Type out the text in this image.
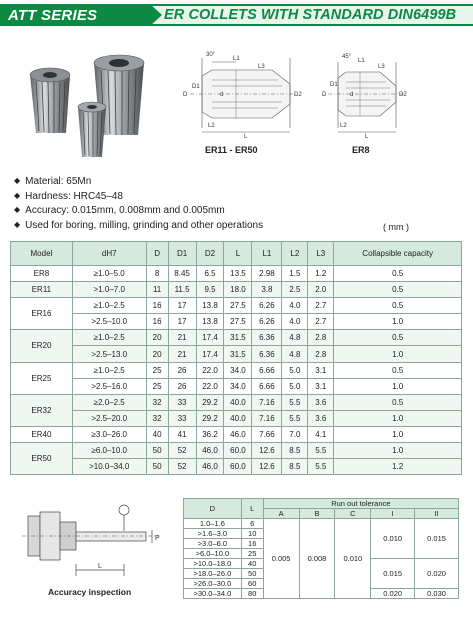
ATT SERIES	ER COLLETS WITH STANDARD DIN6499B
30°
L1
L3
D
D1
d	D2
L2
L
ER11 - ER50
45°
L1
L3
D
D1
d	D2
L2
L
ER8
◆ Material: 65Mn
◆ Hardness: HRC45–48
◆ Accuracy: 0.015mm, 0.008mm and 0.005mm
◆ Used for boring, milling, grinding and other operations	( mm )
Model	dH7	D	D1	D2	L	L1	L2	L3	Collapsible capacity
ER8	≥1.0–5.0	8	8.45	6.5	13.5	2.98	1.5	1.2	0.5
ER11	>1.0–7.0	11	11.5	9.5	18.0	3.8	2.5	2.0	0.5
ER16	≥1.0–2.5	16	17	13.8	27.5	6.26	4.0	2.7	0.5
	>2.5–10.0	16	17	13.8	27.5	6.26	4.0	2.7	1.0
ER20	≥1.0–2.5	20	21	17.4	31.5	6.36	4.8	2.8	0.5
	>2.5–13.0	20	21	17.4	31.5	6.36	4.8	2.8	1.0
ER25	≥1.0–2.5	25	26	22.0	34.0	6.66	5.0	3.1	0.5
	>2.5–16.0	25	26	22.0	34.0	6.66	5.0	3.1	1.0
ER32	≥2.0–2.5	32	33	29.2	40.0	7.16	5.5	3.6	0.5
	>2.5–20.0	32	33	29.2	40.0	7.16	5.5	3.6	1.0
ER40	≥3.0–26.0	40	41	36.2	46.0	7.66	7.0	4.1	1.0
ER50	≥6.0–10.0	50	52	46.0	60.0	12.6	8.5	5.5	1.0
	>10.0–34.0	50	52	46.0	60.0	12.6	8.5	5.5	1.2
L
P
Accuracy inspection
D	L	Run out tolerance				
		A	B	C	I	II
1.0–1.6	6	0.005	0.008	0.010	0.010	0.015
>1.6–3.0	10					
>3.0–6.0	16					
>6.0–10.0	25					
>10.0–18.0	40				0.015	0.020
>18.0–26.0	50					
>26.0–30.0	60					
>30.0–34.0	80				0.020	0.030
